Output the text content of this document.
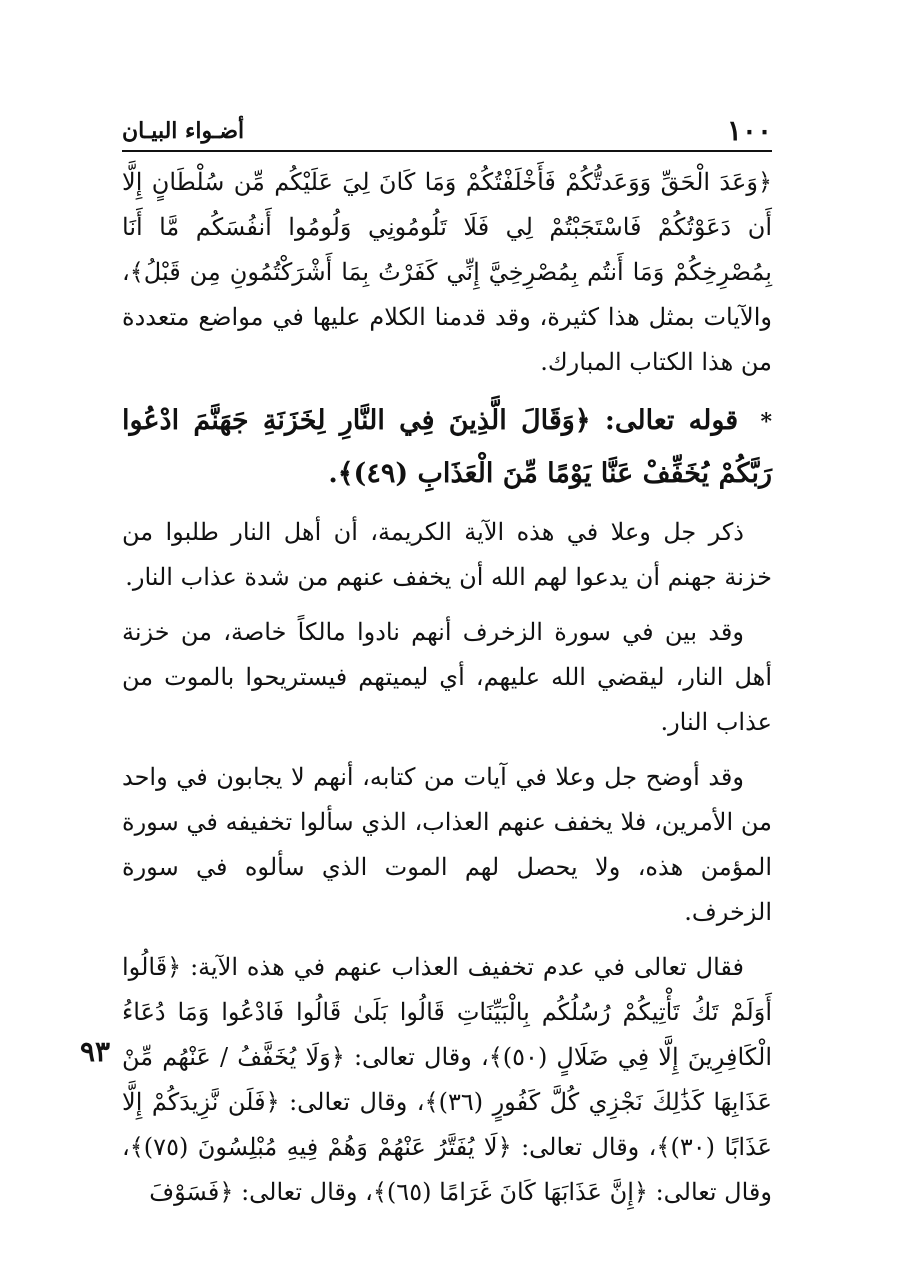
١٠٠
أضـواء البيـان
٩٣

﴿وَعَدَ الْحَقِّ وَوَعَدتُّكُمْ فَأَخْلَفْتُكُمْ وَمَا كَانَ لِيَ عَلَيْكُم مِّن سُلْطَانٍ إِلَّا أَن دَعَوْتُكُمْ فَاسْتَجَبْتُمْ لِي فَلَا تَلُومُونِي وَلُومُوا أَنفُسَكُم مَّا أَنَا بِمُصْرِخِكُمْ وَمَا أَنتُم بِمُصْرِخِيَّ إِنِّي كَفَرْتُ بِمَا أَشْرَكْتُمُونِ مِن قَبْلُ﴾، والآيات بمثل هذا كثيرة، وقد قدمنا الكلام عليها في مواضع متعددة من هذا الكتاب المبارك.

* قوله تعالى: ﴿وَقَالَ الَّذِينَ فِي النَّارِ لِخَزَنَةِ جَهَنَّمَ ادْعُوا رَبَّكُمْ يُخَفِّفْ عَنَّا يَوْمًا مِّنَ الْعَذَابِ (٤٩)﴾.

ذكر جل وعلا في هذه الآية الكريمة، أن أهل النار طلبوا من خزنة جهنم أن يدعوا لهم الله أن يخفف عنهم من شدة عذاب النار.

وقد بين في سورة الزخرف أنهم نادوا مالكاً خاصة، من خزنة أهل النار، ليقضي الله عليهم، أي ليميتهم فيستريحوا بالموت من عذاب النار.

وقد أوضح جل وعلا في آيات من كتابه، أنهم لا يجابون في واحد من الأمرين، فلا يخفف عنهم العذاب، الذي سألوا تخفيفه في سورة المؤمن هذه، ولا يحصل لهم الموت الذي سألوه في سورة الزخرف.

فقال تعالى في عدم تخفيف العذاب عنهم في هذه الآية: ﴿قَالُوا أَوَلَمْ تَكُ تَأْتِيكُمْ رُسُلُكُم بِالْبَيِّنَاتِ قَالُوا بَلَىٰ قَالُوا فَادْعُوا وَمَا دُعَاءُ الْكَافِرِينَ إِلَّا فِي ضَلَالٍ (٥٠)﴾، وقال تعالى: ﴿وَلَا يُخَفَّفُ / عَنْهُم مِّنْ عَذَابِهَا كَذَٰلِكَ نَجْزِي كُلَّ كَفُورٍ (٣٦)﴾، وقال تعالى: ﴿فَلَن نَّزِيدَكُمْ إِلَّا عَذَابًا (٣٠)﴾، وقال تعالى: ﴿لَا يُفَتَّرُ عَنْهُمْ وَهُمْ فِيهِ مُبْلِسُونَ (٧٥)﴾، وقال تعالى: ﴿إِنَّ عَذَابَهَا كَانَ غَرَامًا (٦٥)﴾، وقال تعالى: ﴿فَسَوْفَ
